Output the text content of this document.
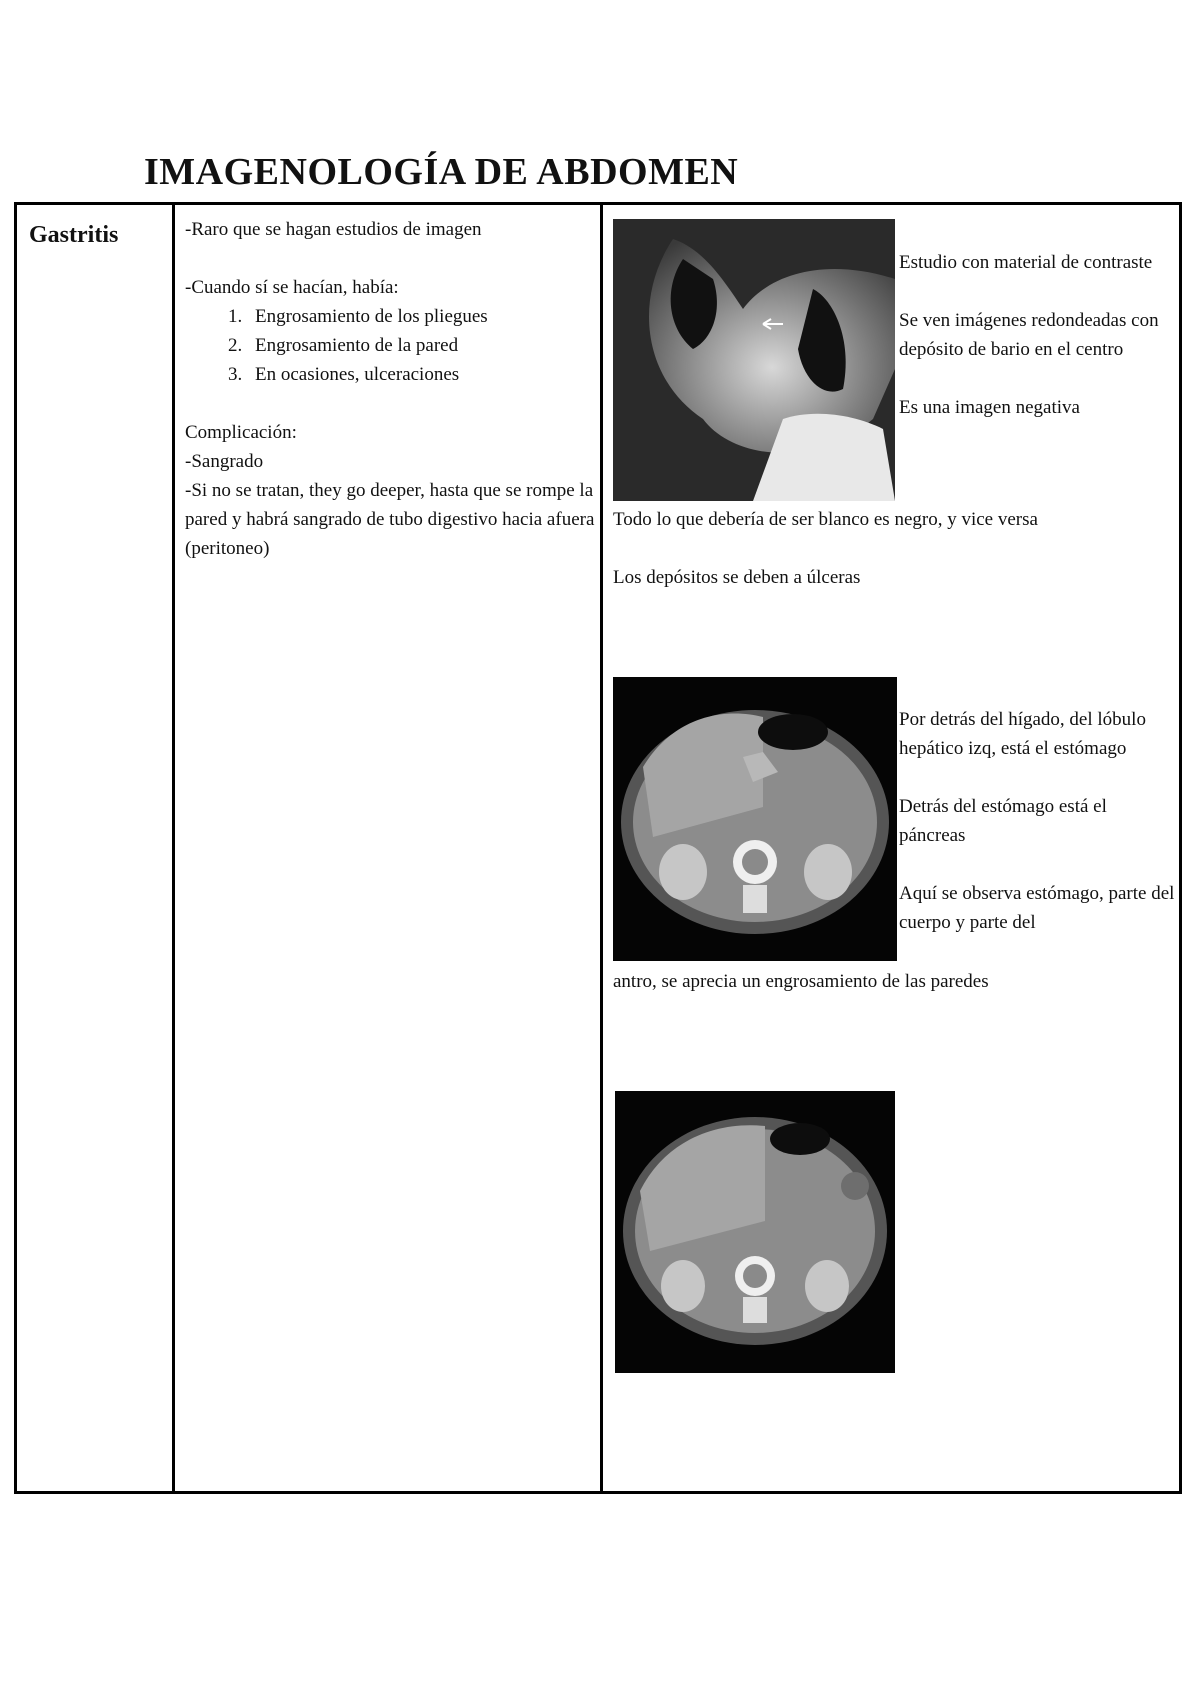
IMAGENOLOGÍA DE ABDOMEN
Gastritis	-Raro que se hagan estudios de imagen

-Cuando sí se hacían, había:

1. Engrosamiento de los pliegues
2. Engrosamiento de la pared
3. En ocasiones, ulceraciones

Complicación:

-Sangrado

-Si no se tratan, they go deeper, hasta que se rompe la pared y habrá sangrado de tubo digestivo hacia afuera (peritoneo)

Estudio con material de contraste

Se ven imágenes redondeadas con depósito de bario en el centro

Es una imagen negativa

Todo lo que debería de ser blanco es negro, y vice versa

Los depósitos se deben a úlceras

Por detrás del hígado, del lóbulo hepático izq, está el estómago

Detrás del estómago está el páncreas

Aquí se observa estómago, parte del cuerpo y parte del

antro, se aprecia un engrosamiento de las paredes
